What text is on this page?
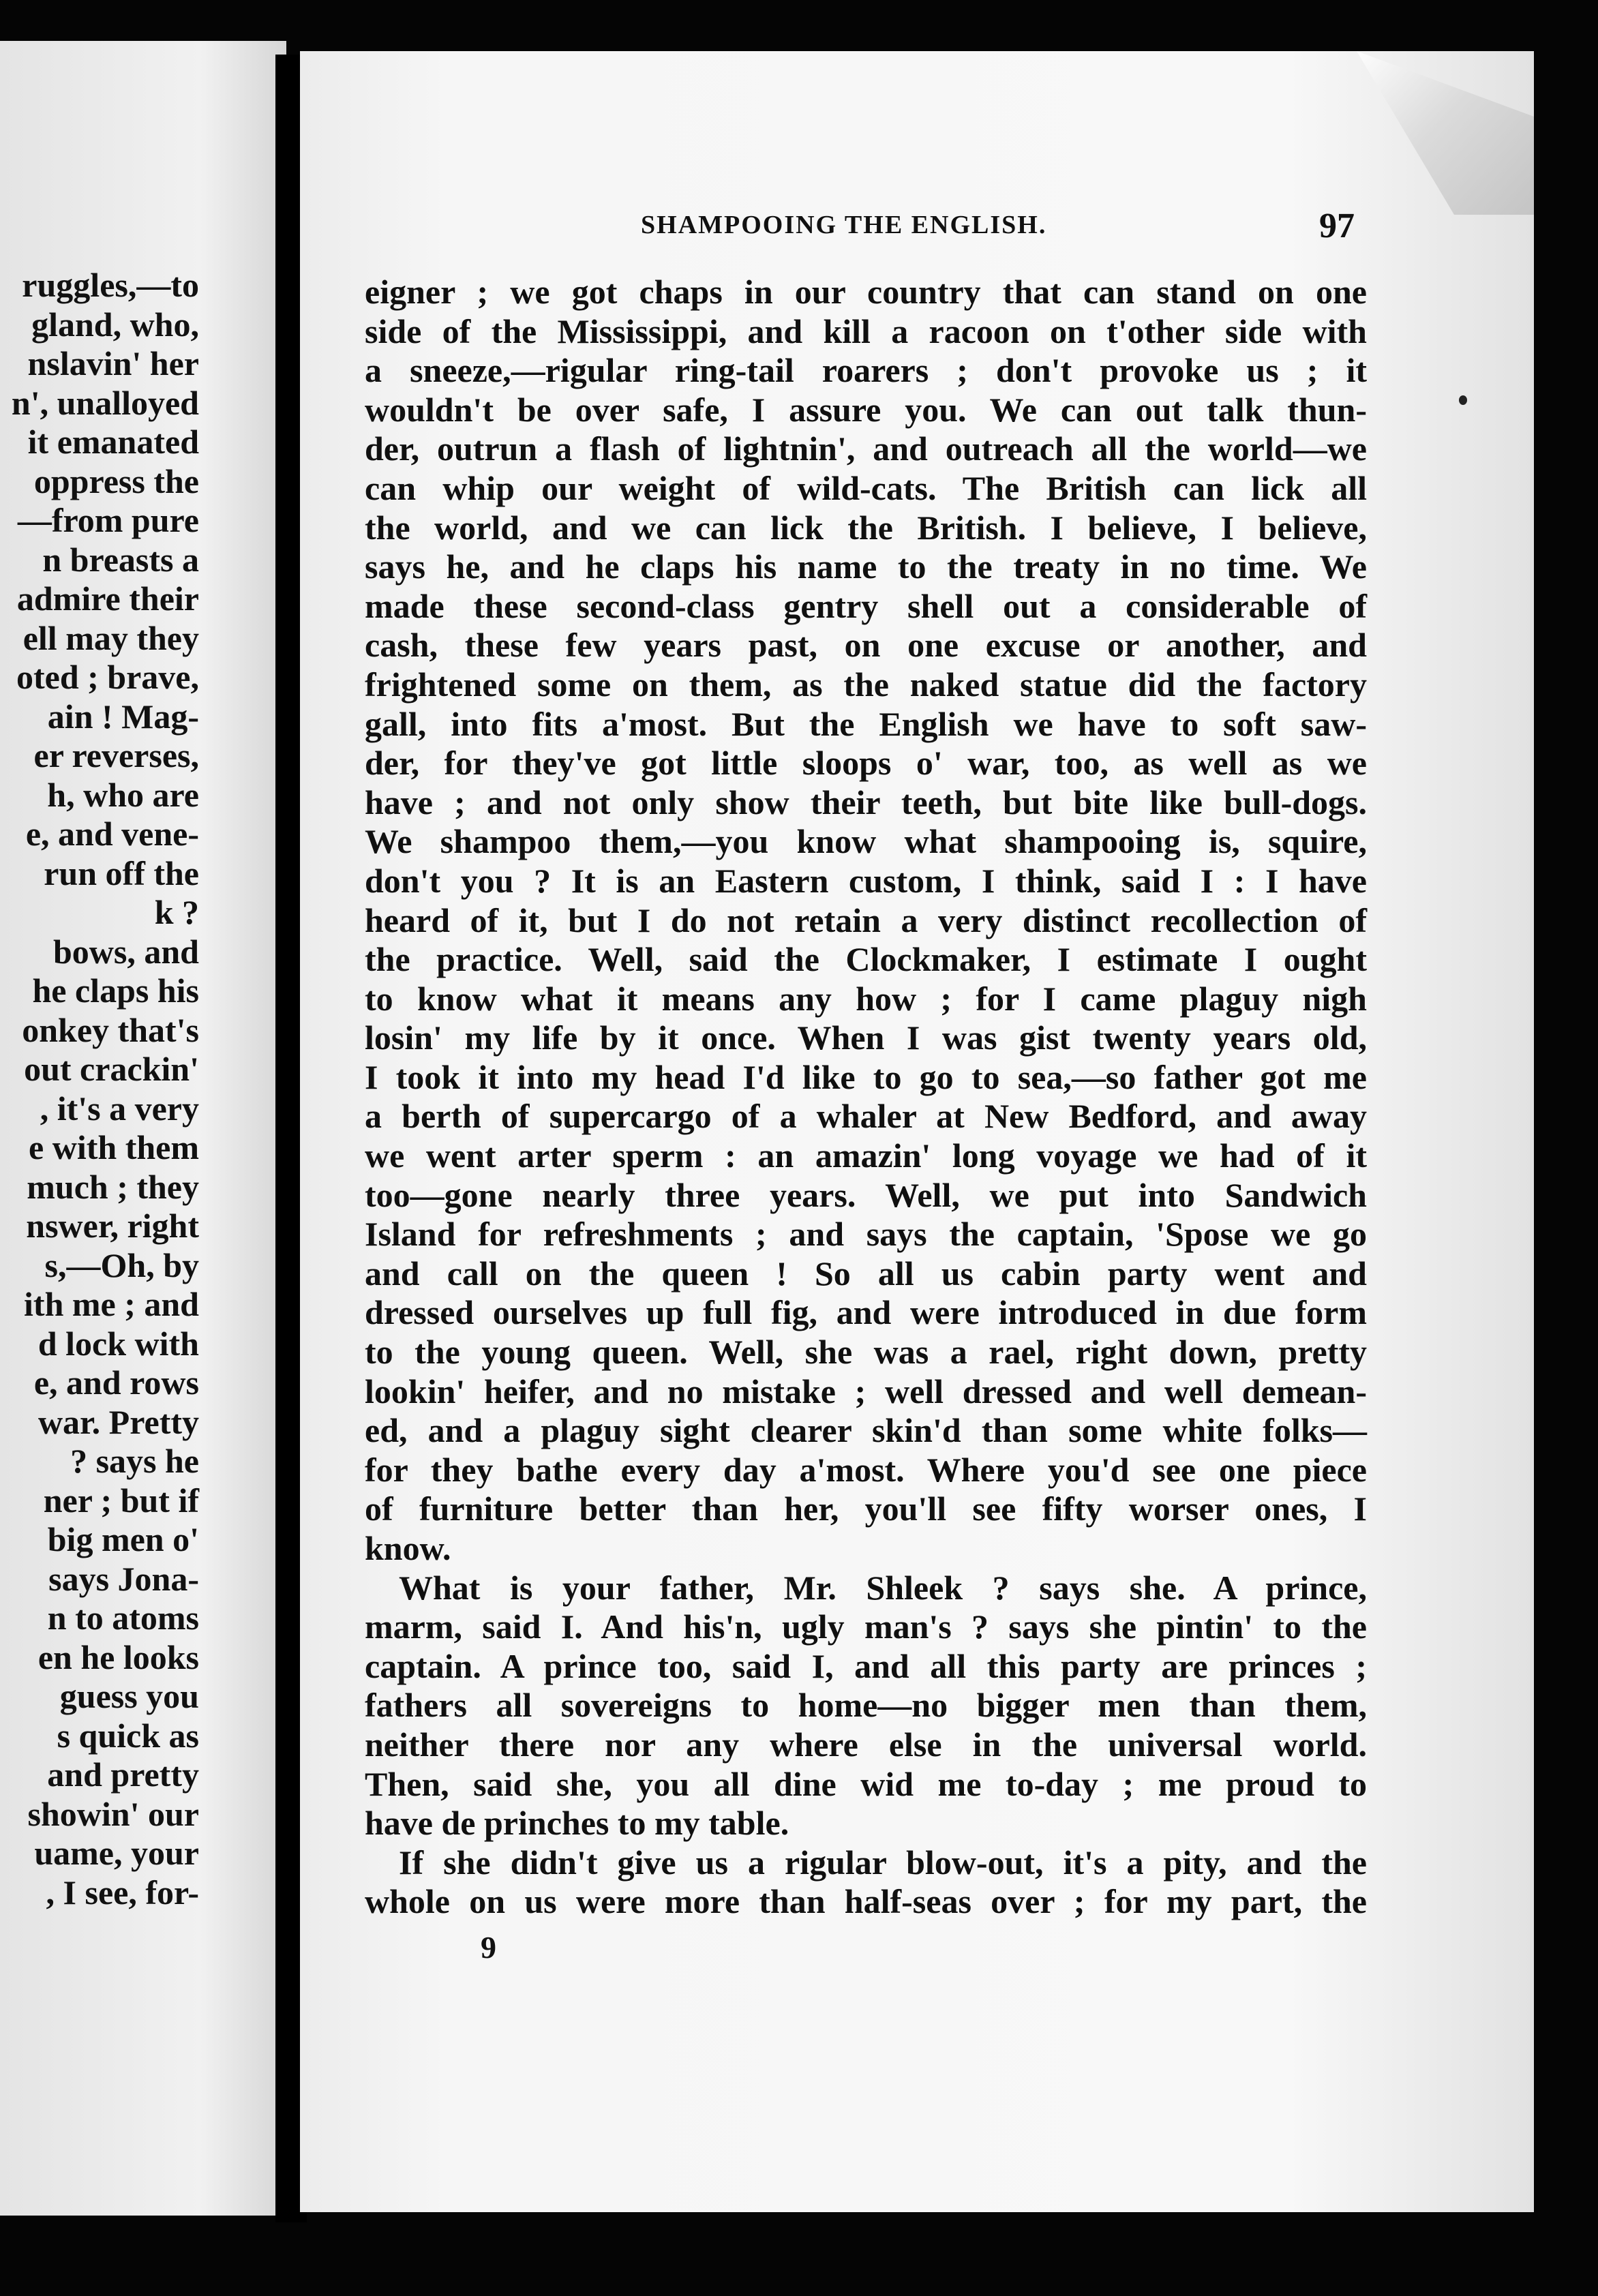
ruggles,—to
gland, who,
nslavin' her
n', unalloyed
it emanated
oppress the
—from pure
n breasts a
admire their
ell may they
oted ; brave,
ain ! Mag-
er reverses,
h, who are
e, and vene-
run off the
k ?
bows, and
he claps his
onkey that's
out crackin'
, it's a very
e with them
much ; they
nswer, right
s,—Oh, by
ith me ; and
d lock with
e, and rows
war. Pretty
? says he
ner ; but if
big men o'
says Jona-
n to atoms
en he looks
guess you
s quick as
and pretty
showin' our
uame, your
, I see, for-
SHAMPOOING THE ENGLISH.	97
eigner ; we got chaps in our country that can stand on one
side of the Mississippi, and kill a racoon on t'other side with
a sneeze,—rigular ring-tail roarers ; don't provoke us ; it
wouldn't be over safe, I assure you. We can out talk thun-
der, outrun a flash of lightnin', and outreach all the world—we
can whip our weight of wild-cats. The British can lick all
the world, and we can lick the British. I believe, I believe,
says he, and he claps his name to the treaty in no time. We
made these second-class gentry shell out a considerable of
cash, these few years past, on one excuse or another, and
frightened some on them, as the naked statue did the factory
gall, into fits a'most. But the English we have to soft saw-
der, for they've got little sloops o' war, too, as well as we
have ; and not only show their teeth, but bite like bull-dogs.
We shampoo them,—you know what shampooing is, squire,
don't you ? It is an Eastern custom, I think, said I : I have
heard of it, but I do not retain a very distinct recollection of
the practice. Well, said the Clockmaker, I estimate I ought
to know what it means any how ; for I came plaguy nigh
losin' my life by it once. When I was gist twenty years old,
I took it into my head I'd like to go to sea,—so father got me
a berth of supercargo of a whaler at New Bedford, and away
we went arter sperm : an amazin' long voyage we had of it
too—gone nearly three years. Well, we put into Sandwich
Island for refreshments ; and says the captain, 'Spose we go
and call on the queen ! So all us cabin party went and
dressed ourselves up full fig, and were introduced in due form
to the young queen. Well, she was a rael, right down, pretty
lookin' heifer, and no mistake ; well dressed and well demean-
ed, and a plaguy sight clearer skin'd than some white folks—
for they bathe every day a'most. Where you'd see one piece
of furniture better than her, you'll see fifty worser ones, I
know.
What is your father, Mr. Shleek ? says she. A prince,
marm, said I. And his'n, ugly man's ? says she pintin' to the
captain. A prince too, said I, and all this party are princes ;
fathers all sovereigns to home—no bigger men than them,
neither there nor any where else in the universal world.
Then, said she, you all dine wid me to-day ; me proud to
have de prinches to my table.
If she didn't give us a rigular blow-out, it's a pity, and the
whole on us were more than half-seas over ; for my part, the
9
